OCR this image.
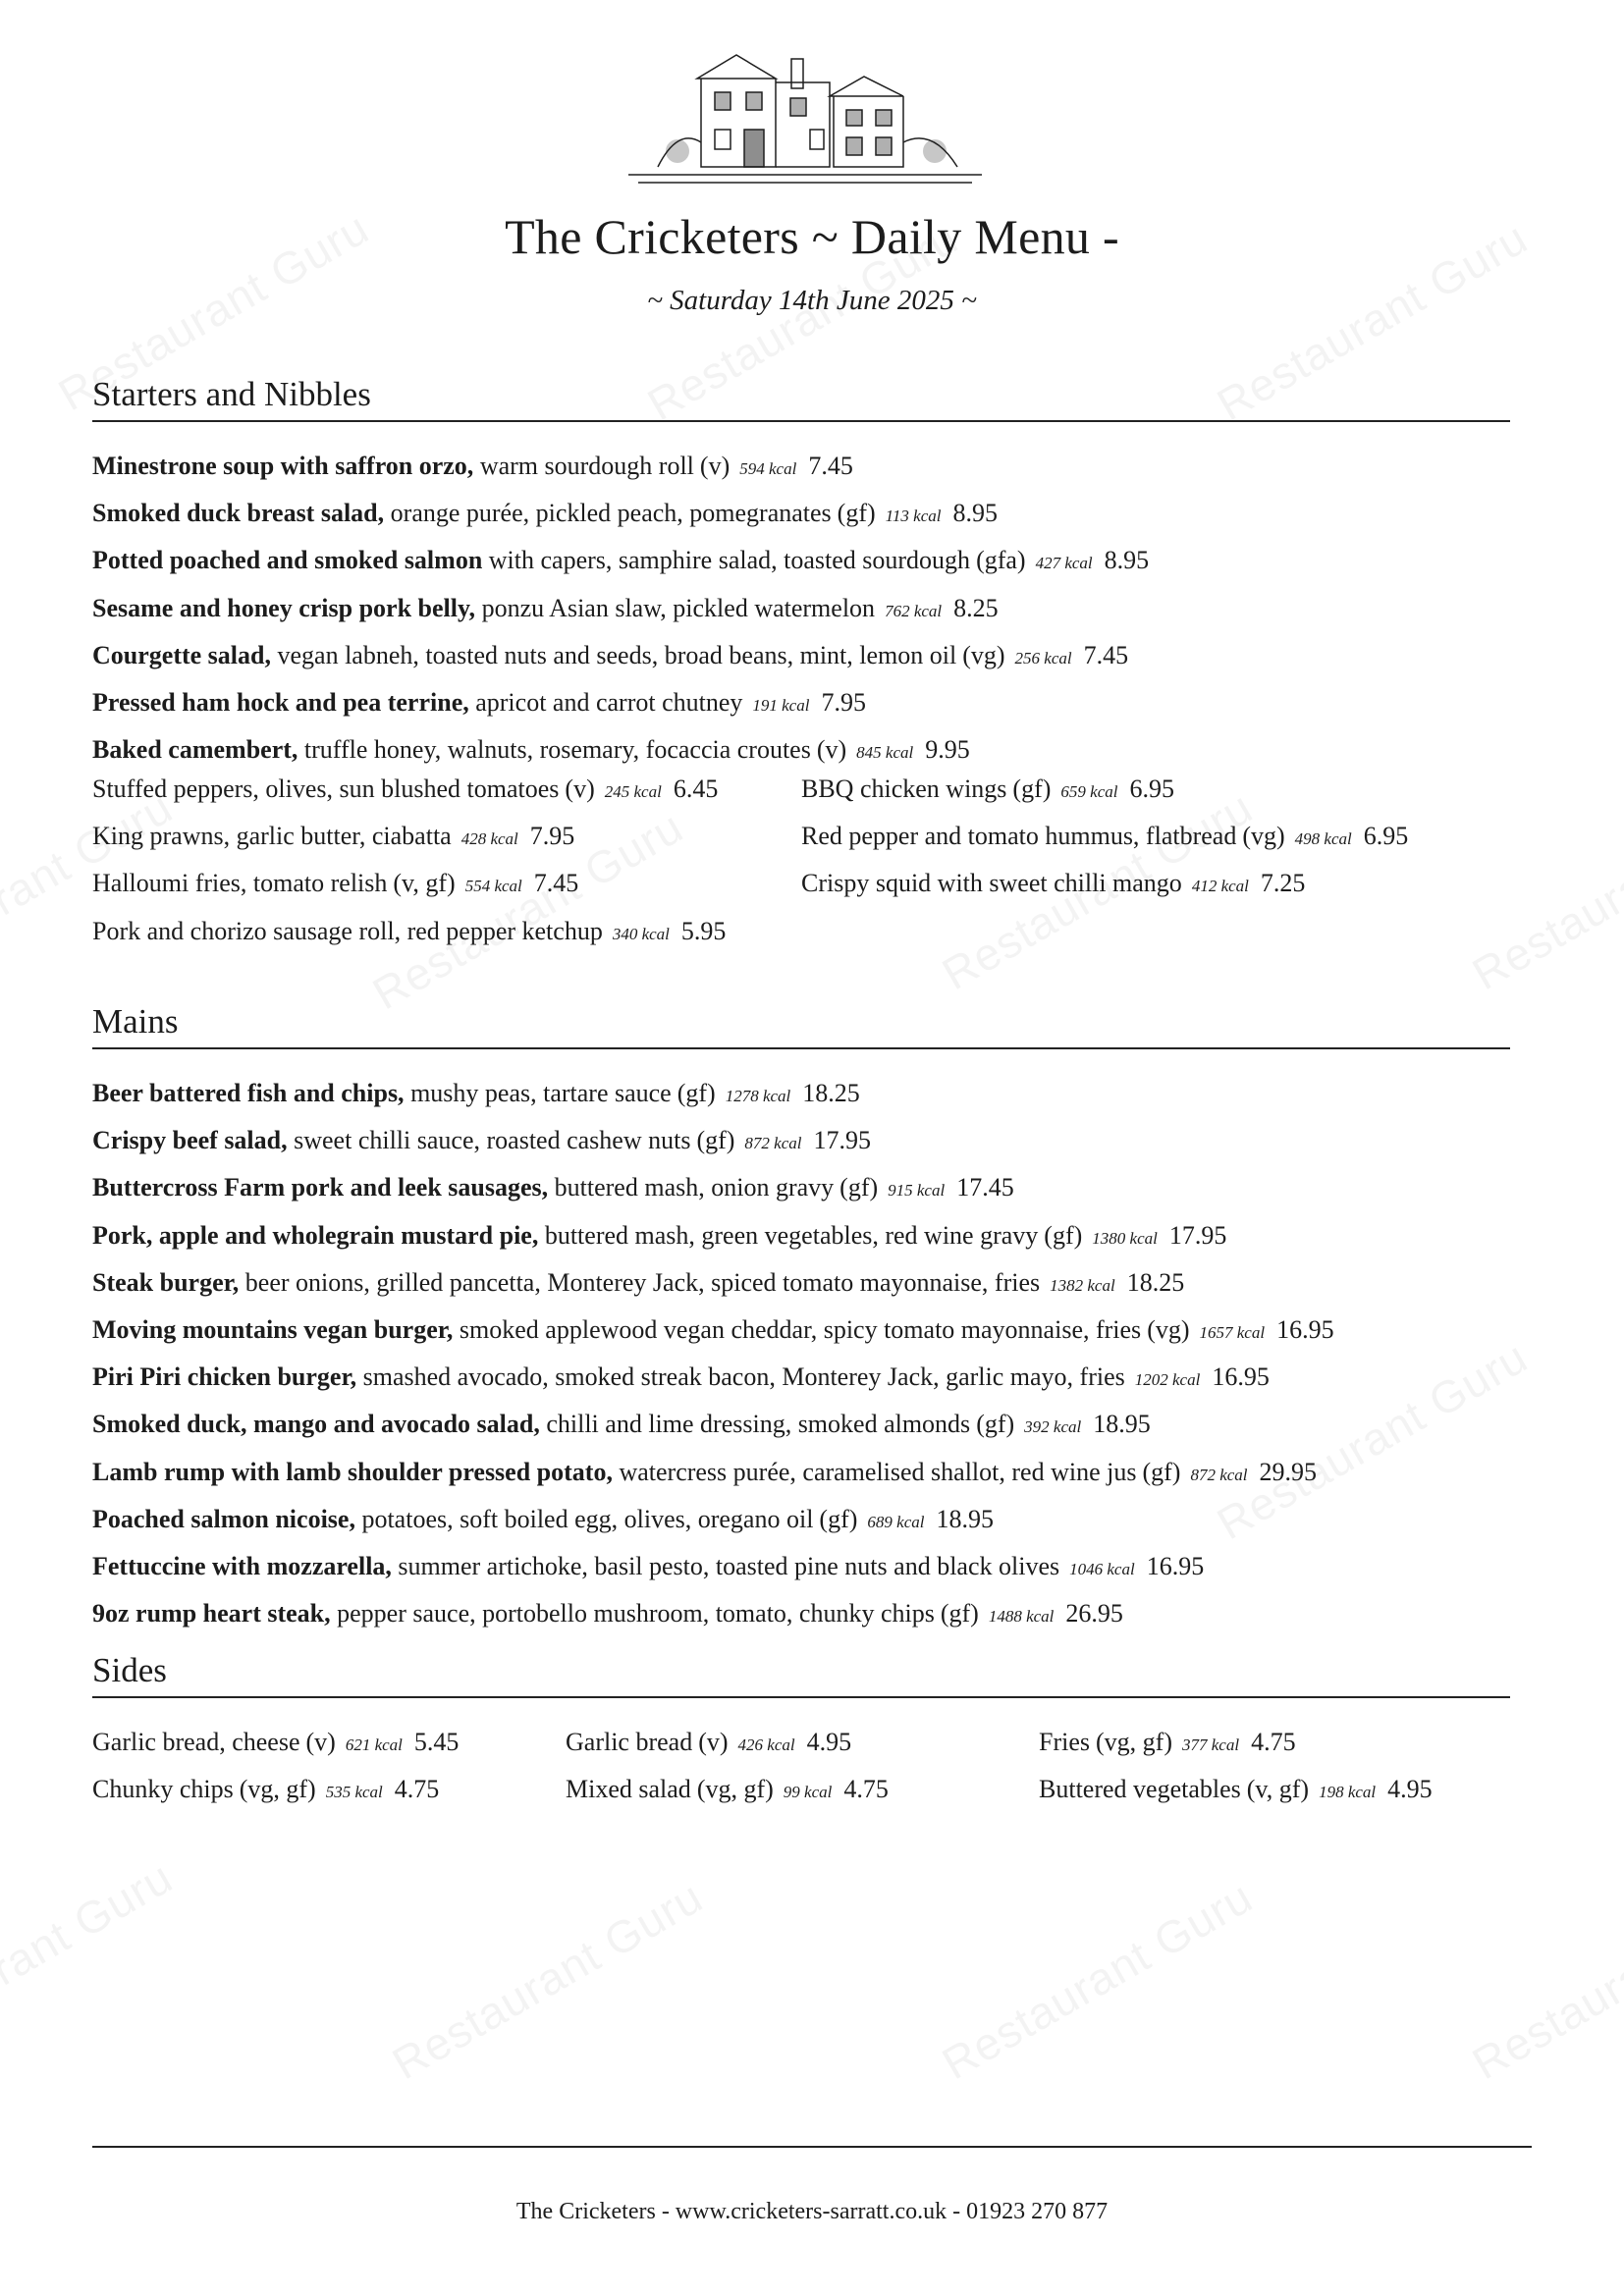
The Cricketers ~ Daily Menu -
~ Saturday 14th June 2025 ~
Starters and Nibbles
Minestrone soup with saffron orzo, warm sourdough roll (v) 594 kcal 7.45
Smoked duck breast salad, orange purée, pickled peach, pomegranates (gf) 113 kcal 8.95
Potted poached and smoked salmon with capers, samphire salad, toasted sourdough (gfa) 427 kcal 8.95
Sesame and honey crisp pork belly, ponzu Asian slaw, pickled watermelon 762 kcal 8.25
Courgette salad, vegan labneh, toasted nuts and seeds, broad beans, mint, lemon oil (vg) 256 kcal 7.45
Pressed ham hock and pea terrine, apricot and carrot chutney 191 kcal 7.95
Baked camembert, truffle honey, walnuts, rosemary, focaccia croutes (v) 845 kcal 9.95
Stuffed peppers, olives, sun blushed tomatoes (v) 245 kcal 6.45
King prawns, garlic butter, ciabatta 428 kcal 7.95
Halloumi fries, tomato relish (v, gf) 554 kcal 7.45
Pork and chorizo sausage roll, red pepper ketchup 340 kcal 5.95
BBQ chicken wings (gf) 659 kcal 6.95
Red pepper and tomato hummus, flatbread (vg) 498 kcal 6.95
Crispy squid with sweet chilli mango 412 kcal 7.25
Mains
Beer battered fish and chips, mushy peas, tartare sauce (gf) 1278 kcal 18.25
Crispy beef salad, sweet chilli sauce, roasted cashew nuts (gf) 872 kcal 17.95
Buttercross Farm pork and leek sausages, buttered mash, onion gravy (gf) 915 kcal 17.45
Pork, apple and wholegrain mustard pie, buttered mash, green vegetables, red wine gravy (gf) 1380 kcal 17.95
Steak burger, beer onions, grilled pancetta, Monterey Jack, spiced tomato mayonnaise, fries 1382 kcal 18.25
Moving mountains vegan burger, smoked applewood vegan cheddar, spicy tomato mayonnaise, fries (vg) 1657 kcal 16.95
Piri Piri chicken burger, smashed avocado, smoked streak bacon, Monterey Jack, garlic mayo, fries 1202 kcal 16.95
Smoked duck, mango and avocado salad, chilli and lime dressing, smoked almonds (gf) 392 kcal 18.95
Lamb rump with lamb shoulder pressed potato, watercress purée, caramelised shallot, red wine jus (gf) 872 kcal 29.95
Poached salmon nicoise, potatoes, soft boiled egg, olives, oregano oil (gf) 689 kcal 18.95
Fettuccine with mozzarella, summer artichoke, basil pesto, toasted pine nuts and black olives 1046 kcal 16.95
9oz rump heart steak, pepper sauce, portobello mushroom, tomato, chunky chips (gf) 1488 kcal 26.95
Sides
Garlic bread, cheese (v) 621 kcal 5.45
Chunky chips (vg, gf) 535 kcal 4.75
Garlic bread (v) 426 kcal 4.95
Mixed salad (vg, gf) 99 kcal 4.75
Fries (vg, gf) 377 kcal 4.75
Buttered vegetables (v, gf) 198 kcal 4.95
The Cricketers - www.cricketers-sarratt.co.uk - 01923 270 877
